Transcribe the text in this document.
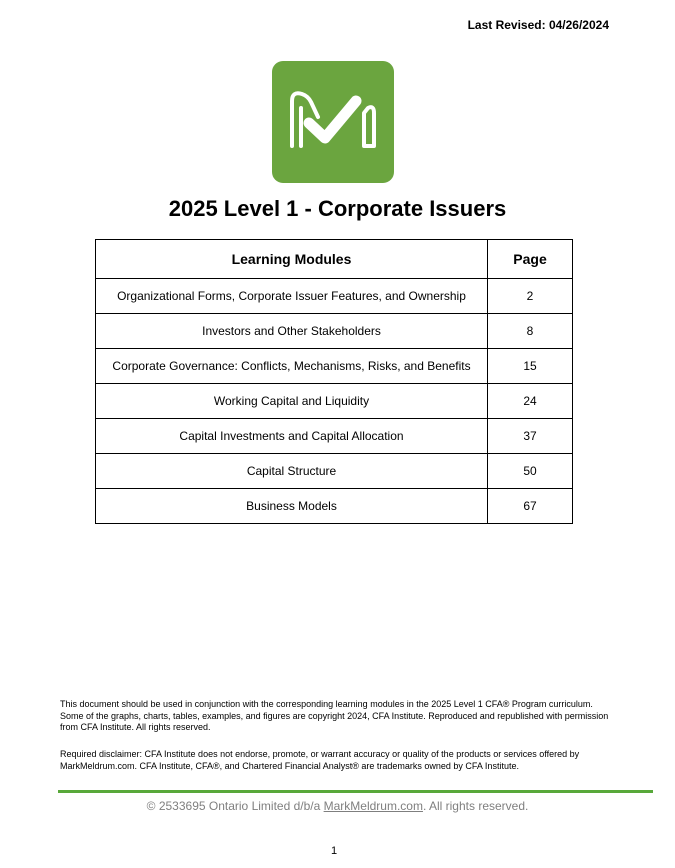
Last Revised: 04/26/2024
2025 Level 1 - Corporate Issuers
Learning Modules	Page
Organizational Forms, Corporate Issuer Features, and Ownership	2
Investors and Other Stakeholders	8
Corporate Governance: Conflicts, Mechanisms, Risks, and Benefits	15
Working Capital and Liquidity	24
Capital Investments and Capital Allocation	37
Capital Structure	50
Business Models	67
This document should be used in conjunction with the corresponding learning modules in the 2025 Level 1 CFA® Program curriculum. Some of the graphs, charts, tables, examples, and figures are copyright 2024, CFA Institute. Reproduced and republished with permission from CFA Institute. All rights reserved.
Required disclaimer: CFA Institute does not endorse, promote, or warrant accuracy or quality of the products or services offered by MarkMeldrum.com. CFA Institute, CFA®, and Chartered Financial Analyst® are trademarks owned by CFA Institute.
© 2533695 Ontario Limited d/b/a MarkMeldrum.com. All rights reserved.
1
